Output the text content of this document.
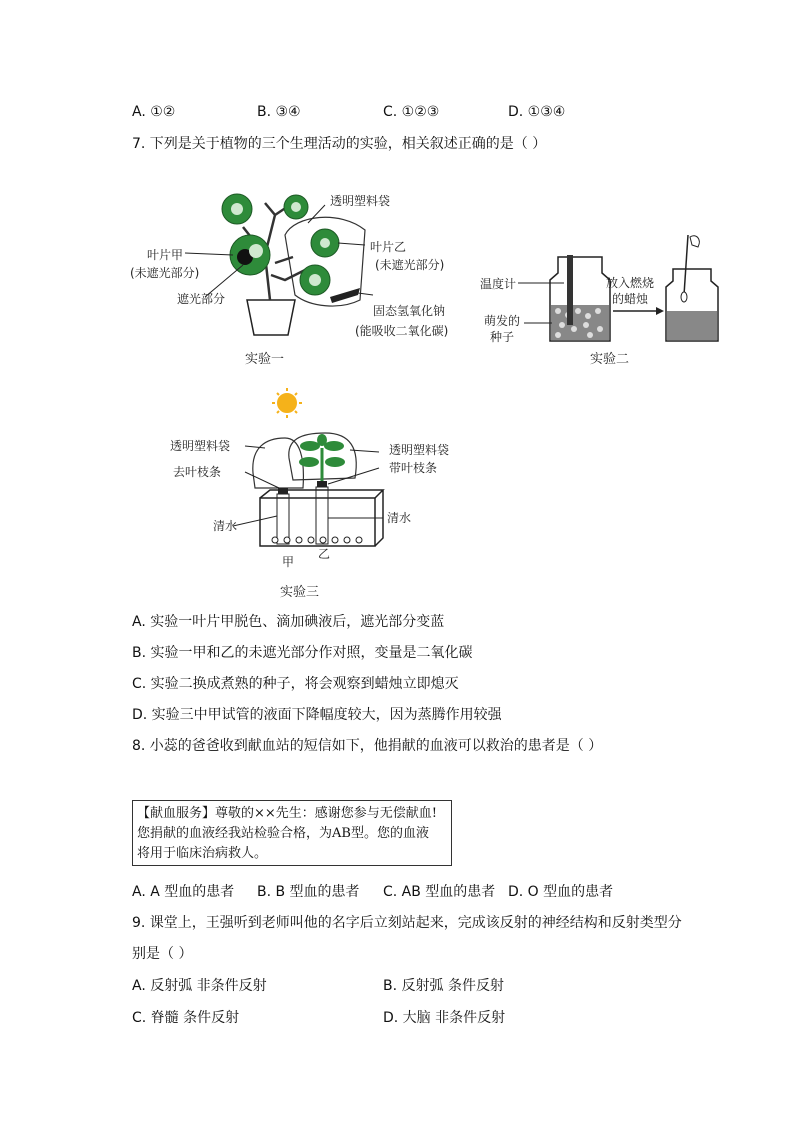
A. ①②	B. ③④	C. ①②③	D. ①③④
7. 下列是关于植物的三个生理活动的实验，相关叙述正确的是（ ）
透明塑料袋
叶片甲
(未遮光部分)
遮光部分
叶片乙
(未遮光部分)
固态氢氧化钠
(能吸收二氧化碳)
实验一
温度计
萌发的
种子
放入燃烧
的蜡烛
实验二
透明塑料袋
去叶枝条
透明塑料袋
带叶枝条
清水
清水
甲
乙
实验三
A. 实验一叶片甲脱色、滴加碘液后，遮光部分变蓝
B. 实验一甲和乙的未遮光部分作对照，变量是二氧化碳
C. 实验二换成煮熟的种子，将会观察到蜡烛立即熄灭
D. 实验三中甲试管的液面下降幅度较大，因为蒸腾作用较强
8. 小蕊的爸爸收到献血站的短信如下，他捐献的血液可以救治的患者是（ ）
【献血服务】尊敬的××先生：感谢您参与无偿献血!
您捐献的血液经我站检验合格，为AB型。您的血液
将用于临床治病救人。
A. A 型血的患者 B. B 型血的患者 C. AB 型血的患者 D. O 型血的患者
9. 课堂上，王强听到老师叫他的名字后立刻站起来，完成该反射的神经结构和反射类型分
别是（ ）
A. 反射弧 非条件反射	B. 反射弧 条件反射
C. 脊髓 条件反射	D. 大脑 非条件反射
